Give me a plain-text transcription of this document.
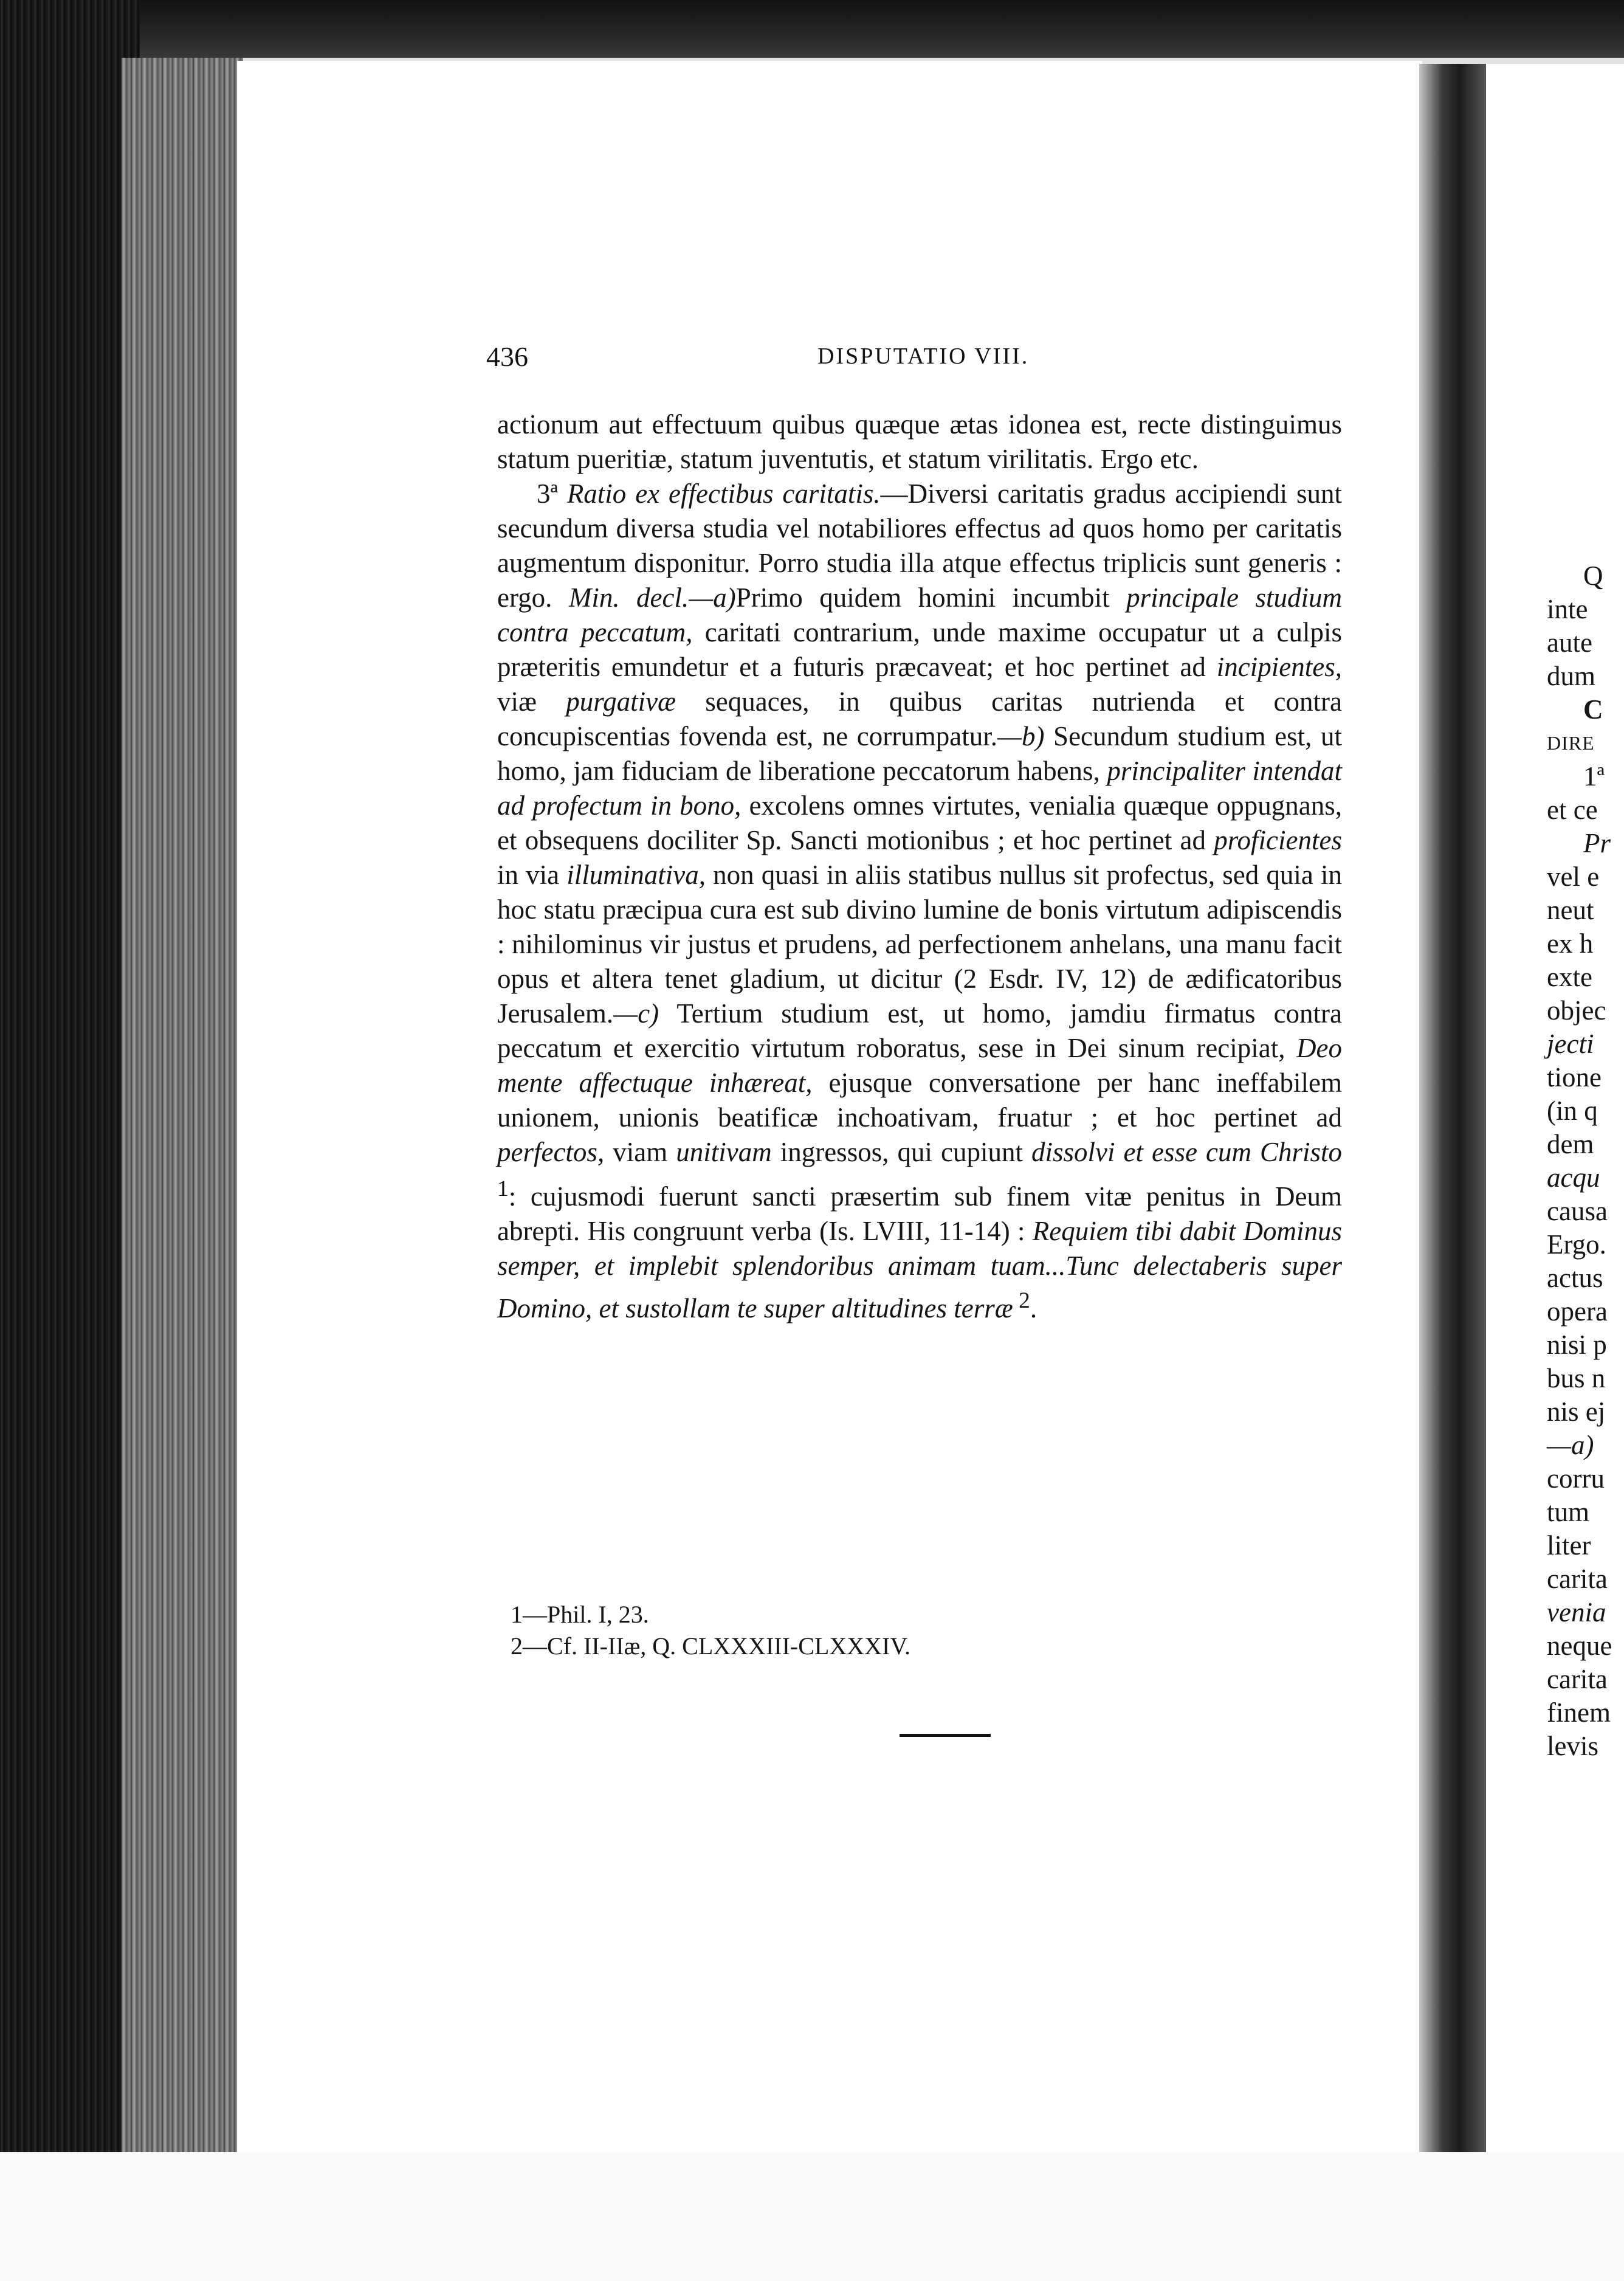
436	DISPUTATIO VIII.

actionum aut effectuum quibus quæque ætas idonea est, recte distinguimus statum pueritiæ, statum juventutis, et statum virilitatis. Ergo etc.

3ª Ratio ex effectibus caritatis.—Diversi caritatis gradus accipiendi sunt secundum diversa studia vel notabiliores effectus ad quos homo per caritatis augmentum disponitur. Porro studia illa atque effectus triplicis sunt generis : ergo. Min. decl.—a)Primo quidem homini incumbit principale studium contra peccatum, caritati contrarium, unde maxime occupatur ut a culpis præteritis emundetur et a futuris præcaveat; et hoc pertinet ad incipientes, viæ purgativæ sequaces, in quibus caritas nutrienda et contra concupiscentias fovenda est, ne corrumpatur.—b) Secundum studium est, ut homo, jam fiduciam de liberatione peccatorum habens, principaliter intendat ad profectum in bono, excolens omnes virtutes, venialia quæque oppugnans, et obsequens dociliter Sp. Sancti motionibus ; et hoc pertinet ad proficientes in via illuminativa, non quasi in aliis statibus nullus sit profectus, sed quia in hoc statu præcipua cura est sub divino lumine de bonis virtutum adipiscendis : nihilominus vir justus et prudens, ad perfectionem anhelans, una manu facit opus et altera tenet gladium, ut dicitur (2 Esdr. IV, 12) de ædificatoribus Jerusalem.—c) Tertium studium est, ut homo, jamdiu firmatus contra peccatum et exercitio virtutum roboratus, sese in Dei sinum recipiat, Deo mente affectuque inhæreat, ejusque conversatione per hanc ineffabilem unionem, unionis beatificæ inchoativam, fruatur ; et hoc pertinet ad perfectos, viam unitivam ingressos, qui cupiunt dissolvi et esse cum Christo $^1$: cujusmodi fuerunt sancti præsertim sub finem vitæ penitus in Deum abrepti. His congruunt verba (Is. LVIII, 11-14) : Requiem tibi dabit Dominus semper, et implebit splendoribus animam tuam...Tunc delectaberis super Domino, et sustollam te super altitudines terræ $^2$.

1—Phil. I, 23.
2—Cf. II-IIæ, Q. CLXXXIII-CLXXXIV.
Q
inte
aute
dum
C
DIRE
1ª
et ce
Pr
vel e
neut
ex h
exte
objec
jecti
tione
(in q
dem
acqu
causa
Ergo.
actus
opera
nisi p
bus n
nis ej
—a)
corru
tum
liter
carita
venia
neque
carita
finem
levis
